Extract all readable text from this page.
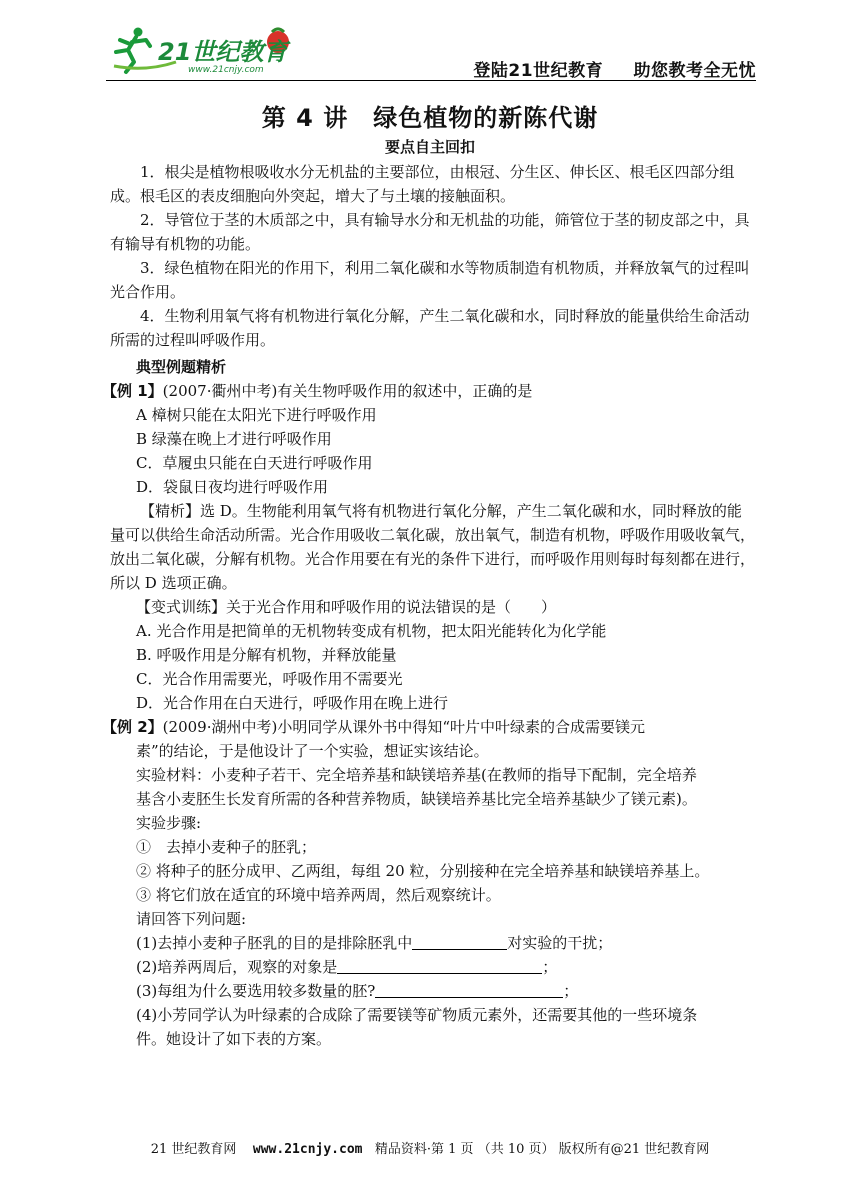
21世纪教育
www.21cnjy.com	登陆21世纪教育 助您教考全无忧
第 4 讲　绿色植物的新陈代谢
要点自主回扣

1．根尖是植物根吸收水分无机盐的主要部位，由根冠、分生区、伸长区、根毛区四部分组成。根毛区的表皮细胞向外突起，增大了与土壤的接触面积。

2．导管位于茎的木质部之中，具有输导水分和无机盐的功能，筛管位于茎的韧皮部之中，具有输导有机物的功能。

3．绿色植物在阳光的作用下，利用二氧化碳和水等物质制造有机物质，并释放氧气的过程叫光合作用。

4．生物利用氧气将有机物进行氧化分解，产生二氧化碳和水，同时释放的能量供给生命活动所需的过程叫呼吸作用。

典型例题精析

【例 1】(2007·衢州中考)有关生物呼吸作用的叙述中，正确的是

A 樟树只能在太阳光下进行呼吸作用

B 绿藻在晚上才进行呼吸作用

C．草履虫只能在白天进行呼吸作用

D．袋鼠日夜均进行呼吸作用

【精析】选 D。生物能利用氧气将有机物进行氧化分解，产生二氧化碳和水，同时释放的能量可以供给生命活动所需。光合作用吸收二氧化碳，放出氧气，制造有机物，呼吸作用吸收氧气，放出二氧化碳，分解有机物。光合作用要在有光的条件下进行，而呼吸作用则每时每刻都在进行，所以 D 选项正确。

【变式训练】关于光合作用和呼吸作用的说法错误的是（　　）

A. 光合作用是把简单的无机物转变成有机物，把太阳光能转化为化学能

B. 呼吸作用是分解有机物，并释放能量

C．光合作用需要光，呼吸作用不需要光

D．光合作用在白天进行，呼吸作用在晚上进行

【例 2】(2009·湖州中考)小明同学从课外书中得知“叶片中叶绿素的合成需要镁元

素”的结论，于是他设计了一个实验，想证实该结论。

实验材料：小麦种子若干、完全培养基和缺镁培养基(在教师的指导下配制，完全培养

基含小麦胚生长发育所需的各种营养物质，缺镁培养基比完全培养基缺少了镁元素)。

实验步骤:

①　去掉小麦种子的胚乳；

② 将种子的胚分成甲、乙两组，每组 20 粒，分别接种在完全培养基和缺镁培养基上。

③ 将它们放在适宜的环境中培养两周，然后观察统计。

请回答下列问题:

(1)去掉小麦种子胚乳的目的是排除胚乳中	对实验的干扰；

(2)培养两周后，观察的对象是	；

(3)每组为什么要选用较多数量的胚?	；

(4)小芳同学认为叶绿素的合成除了需要镁等矿物质元素外，还需要其他的一些环境条

件。她设计了如下表的方案。

21 世纪教育网 www.21cnjy.com 精品资料·第 1 页 （共 10 页） 版权所有@21 世纪教育网
